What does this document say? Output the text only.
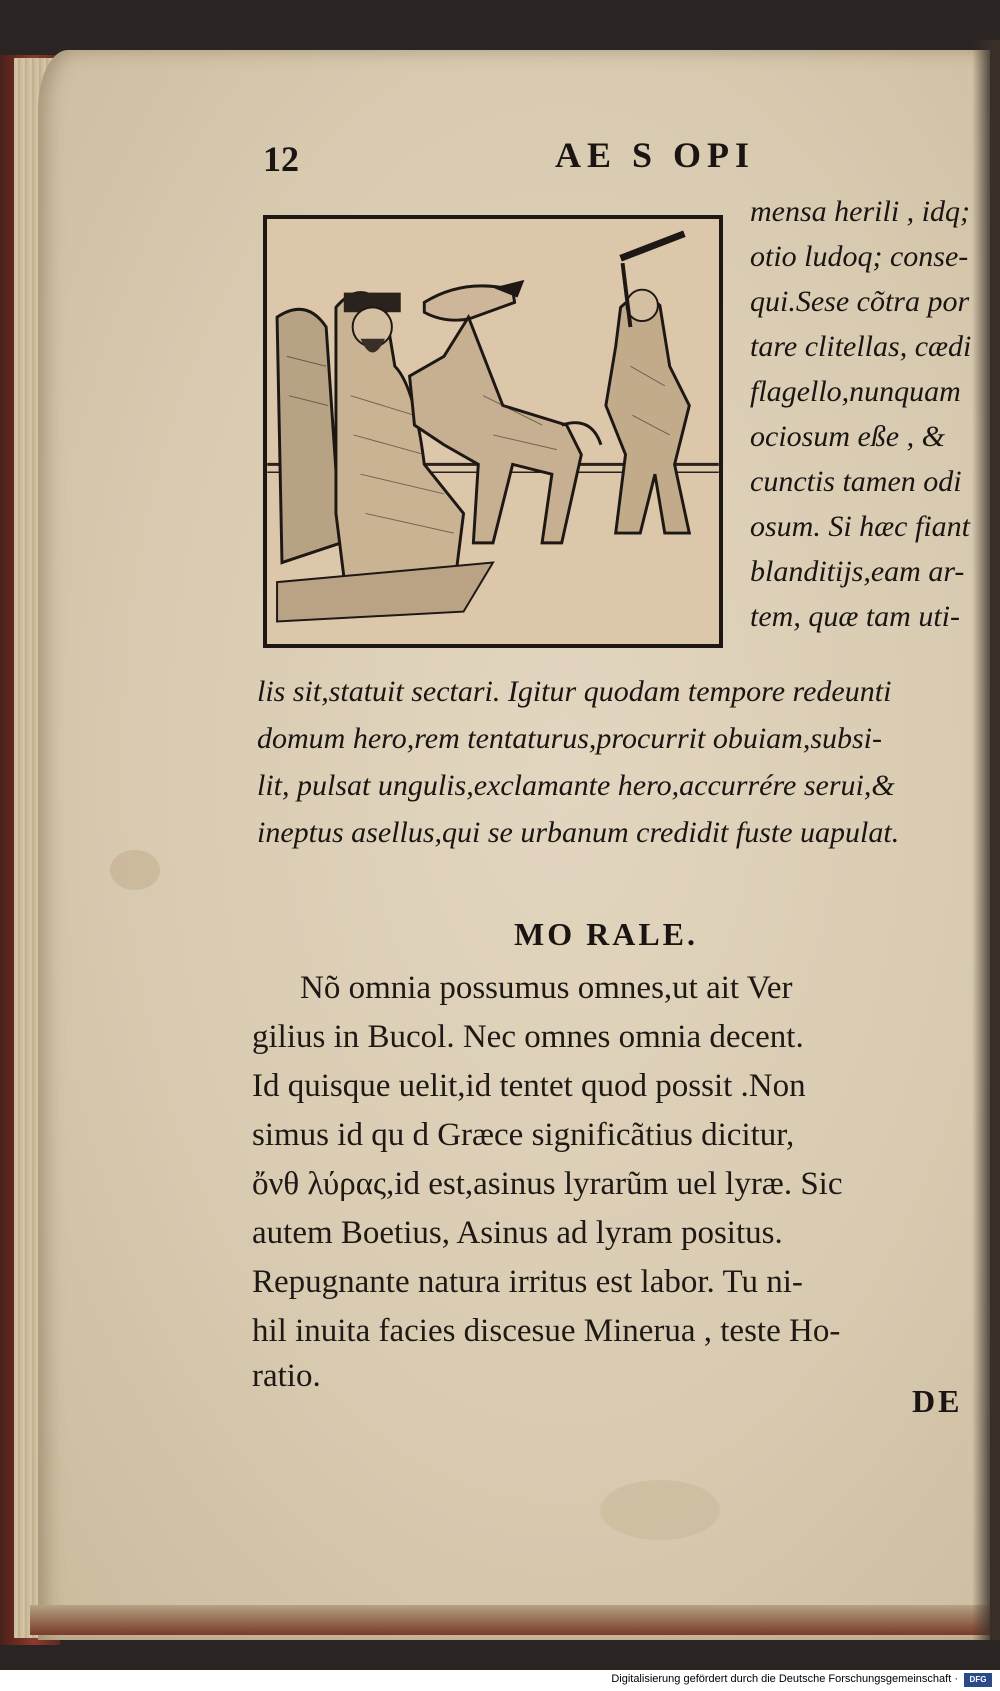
12	AE S OPI
mensa herili , idq;
otio ludoq; conse-
qui.Sese cõtra por
tare clitellas, cædi
flagello,nunquam
ociosum eße , &
cunctis tamen odi
osum. Si hæc fiant
blanditijs,eam ar-
tem, quæ tam uti-
lis sit,statuit sectari. Igitur quodam tempore redeunti
domum hero,rem tentaturus,procurrit obuiam,subsi-
lit, pulsat ungulis,exclamante hero,accurrére serui,&
ineptus asellus,qui se urbanum credidit fuste uapulat.
MO RALE.
Nõ omnia possumus omnes,ut ait Ver
gilius in Bucol. Nec omnes omnia decent.
Id quisque uelit,id tentet quod possit .Non
simus id qu d Græce significãtius dicitur,
ὄνθ λύρας,id est,asinus lyrarũm uel lyræ. Sic
autem Boetius, Asinus ad lyram positus.
Repugnante natura irritus est labor. Tu ni-
hil inuita facies discesue Minerua , teste Ho-
ratio.
DE
Digitalisierung gefördert durch die Deutsche Forschungsgemeinschaft ·	DFG
